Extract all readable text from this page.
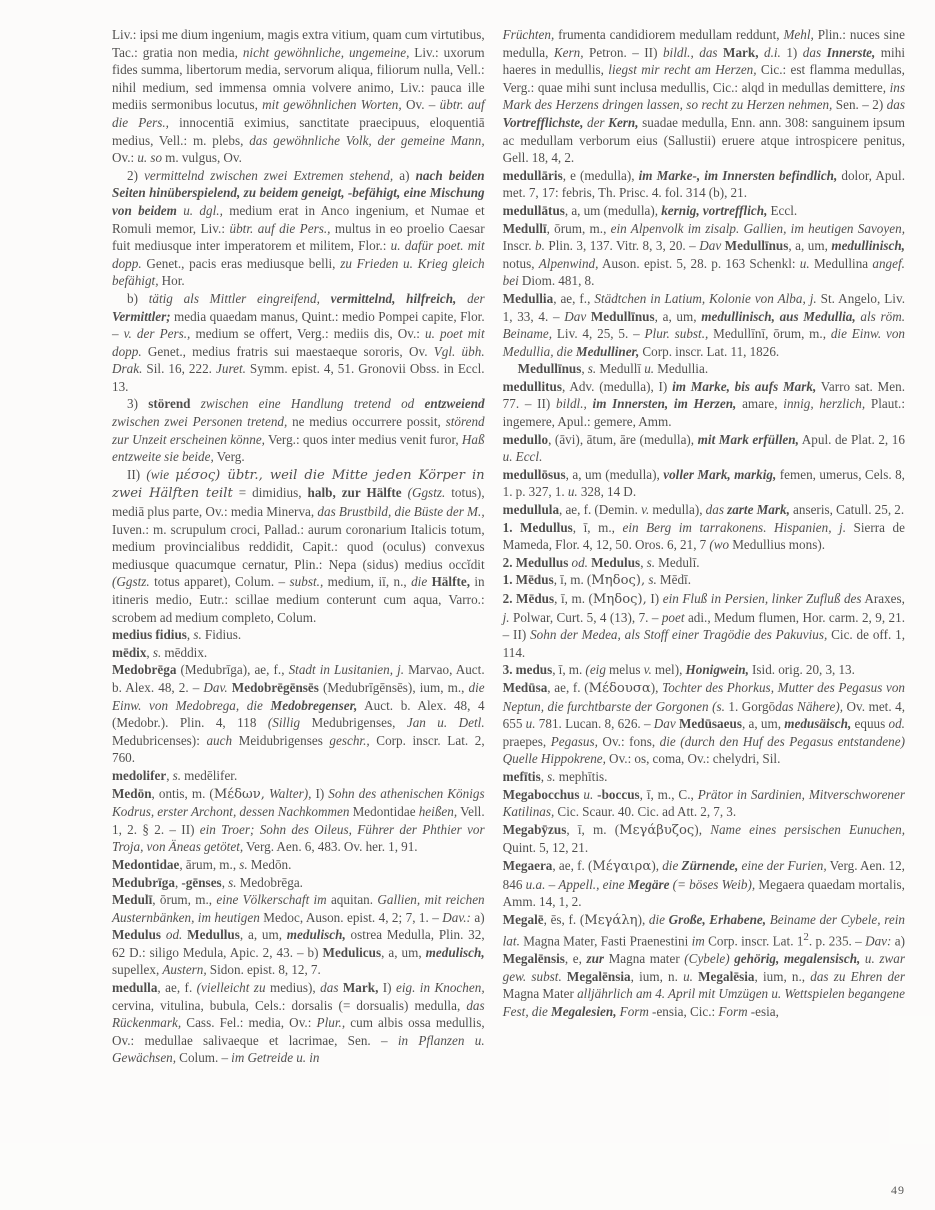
Liv.: ipsi me dium ingenium, magis extra vitium, quam cum virtutibus, Tac.: gratia non media, nicht gewöhnliche, ungemeine, Liv.: uxorum fides summa, libertorum media, servorum aliqua, filiorum nulla, Vell.: nihil medium, sed immensa omnia volvere animo, Liv.: pauca ille mediis sermonibus locutus, mit gewöhnlichen Worten, Ov. – übtr. auf die Pers., innocentiā eximius, sanctitate praecipuus, eloquentiā medius, Vell.: m. plebs, das gewöhnliche Volk, der gemeine Mann, Ov.: u. so m. vulgus, Ov.

2) vermittelnd zwischen zwei Extremen stehend, a) nach beiden Seiten hinüberspielend, zu beidem geneigt, -befähigt, eine Mischung von beidem u. dgl., medium erat in Anco ingenium, et Numae et Romuli memor, Liv.: übtr. auf die Pers., multus in eo proelio Caesar fuit mediusque inter imperatorem et militem, Flor.: u. dafür poet. mit dopp. Genet., pacis eras mediusque belli, zu Frieden u. Krieg gleich befähigt, Hor.

b) tätig als Mittler eingreifend, vermittelnd, hilfreich, der Vermittler; media quaedam manus, Quint.: medio Pompei capite, Flor. – v. der Pers., medium se offert, Verg.: mediis dis, Ov.: u. poet mit dopp. Genet., medius fratris sui maestaeque sororis, Ov. Vgl. übh. Drak. Sil. 16, 222. Juret. Symm. epist. 4, 51. Gronovii Obss. in Eccl. 13.

3) störend zwischen eine Handlung tretend od entzweiend zwischen zwei Personen tretend, ne medius occurrere possit, störend zur Unzeit erscheinen könne, Verg.: quos inter medius venit furor, Haß entzweite sie beide, Verg.

II) (wie μέσος) übtr., weil die Mitte jeden Körper in zwei Hälften teilt = dimidius, halb, zur Hälfte (Ggstz. totus), mediā plus parte, Ov.: media Minerva, das Brustbild, die Büste der M., Iuven.: m. scrupulum croci, Pallad.: aurum coronarium Italicis totum, medium provincialibus reddidit, Capit.: quod (oculus) convexus mediusque quacumque cernatur, Plin.: Nepa (sidus) medius occĭdit (Ggstz. totus apparet), Colum. – subst., medium, iī, n., die Hälfte, in itineris medio, Eutr.: scillae medium conterunt cum aqua, Varro.: scrobem ad medium completo, Colum.

medius fidius, s. Fidius.

mēdix, s. mēddix.

Medobrēga (Medubrīga), ae, f., Stadt in Lusitanien, j. Marvao, Auct. b. Alex. 48, 2. – Dav. Medobrēgēnsēs (Medubrīgēnsēs), ium, m., die Einw. von Medobrega, die Medobregenser, Auct. b. Alex. 48, 4 (Medobr.). Plin. 4, 118 (Sillig Medubrigenses, Jan u. Detl. Medubricenses): auch Meidubrigenses geschr., Corp. inscr. Lat. 2, 760.

medolifer, s. medēlifer.

Medōn, ontis, m. (Μέδων, Walter), I) Sohn des athenischen Königs Kodrus, erster Archont, dessen Nachkommen Medontidae heißen, Vell. 1, 2. § 2. – II) ein Troer; Sohn des Oileus, Führer der Phthier vor Troja, von Äneas getötet, Verg. Aen. 6, 483. Ov. her. 1, 91.

Medontidae, ārum, m., s. Medōn.

Medubrīga, -gēnses, s. Medobrēga.

Medulī, ōrum, m., eine Völkerschaft im aquitan. Gallien, mit reichen Austernbänken, im heutigen Medoc, Auson. epist. 4, 2; 7, 1. – Dav.: a) Medulus od. Medullus, a, um, medulisch, ostrea Medulla, Plin. 32, 62 D.: siligo Medula, Apic. 2, 43. – b) Medulicus, a, um, medulisch, supellex, Austern, Sidon. epist. 8, 12, 7.

medulla, ae, f. (vielleicht zu medius), das Mark, I) eig. in Knochen, cervina, vitulina, bubula, Cels.: dorsalis (= dorsualis) medulla, das Rückenmark, Cass. Fel.: media, Ov.: Plur., cum albis ossa medullis, Ov.: medullae salivaeque et lacrimae, Sen. – in Pflanzen u. Gewächsen, Colum. – im Getreide u. in

Früchten, frumenta candidiorem medullam reddunt, Mehl, Plin.: nuces sine medulla, Kern, Petron. – II) bildl., das Mark, d.i. 1) das Innerste, mihi haeres in medullis, liegst mir recht am Herzen, Cic.: est flamma medullas, Verg.: quae mihi sunt inclusa medullis, Cic.: alqd in medullas demittere, ins Mark des Herzens dringen lassen, so recht zu Herzen nehmen, Sen. – 2) das Vortrefflichste, der Kern, suadae medulla, Enn. ann. 308: sanguinem ipsum ac medullam verborum eius (Sallustii) eruere atque introspicere penitus, Gell. 18, 4, 2.

medullāris, e (medulla), im Marke-, im Innersten befindlich, dolor, Apul. met. 7, 17: febris, Th. Prisc. 4. fol. 314 (b), 21.

medullātus, a, um (medulla), kernig, vortrefflich, Eccl.

Medullī, ōrum, m., ein Alpenvolk im zisalp. Gallien, im heutigen Savoyen, Inscr. b. Plin. 3, 137. Vitr. 8, 3, 20. – Dav Medullīnus, a, um, medullinisch, notus, Alpenwind, Auson. epist. 5, 28. p. 163 Schenkl: u. Medullina angef. bei Diom. 481, 8.

Medullia, ae, f., Städtchen in Latium, Kolonie von Alba, j. St. Angelo, Liv. 1, 33, 4. – Dav Medullīnus, a, um, medullinisch, aus Medullia, als röm. Beiname, Liv. 4, 25, 5. – Plur. subst., Medullīnī, ōrum, m., die Einw. von Medullia, die Medulliner, Corp. inscr. Lat. 11, 1826.

Medullīnus, s. Medullī u. Medullia.

medullitus, Adv. (medulla), I) im Marke, bis aufs Mark, Varro sat. Men. 77. – II) bildl., im Innersten, im Herzen, amare, innig, herzlich, Plaut.: ingemere, Apul.: gemere, Amm.

medullo, (āvi), ātum, āre (medulla), mit Mark erfüllen, Apul. de Plat. 2, 16 u. Eccl.

medullōsus, a, um (medulla), voller Mark, markig, femen, umerus, Cels. 8, 1. p. 327, 1. u. 328, 14 D.

medullula, ae, f. (Demin. v. medulla), das zarte Mark, anseris, Catull. 25, 2.

1. Medullus, ī, m., ein Berg im tarrakonens. Hispanien, j. Sierra de Mameda, Flor. 4, 12, 50. Oros. 6, 21, 7 (wo Medullius mons).

2. Medullus od. Medulus, s. Medulī.

1. Mēdus, ī, m. (Μηδος), s. Mēdī.

2. Mēdus, ī, m. (Μηδος), I) ein Fluß in Persien, linker Zufluß des Araxes, j. Polwar, Curt. 5, 4 (13), 7. – poet adi., Medum flumen, Hor. carm. 2, 9, 21. – II) Sohn der Medea, als Stoff einer Tragödie des Pakuvius, Cic. de off. 1, 114.

3. medus, ī, m. (eig melus v. mel), Honigwein, Isid. orig. 20, 3, 13.

Medūsa, ae, f. (Μέδουσα), Tochter des Phorkus, Mutter des Pegasus von Neptun, die furchtbarste der Gorgonen (s. 1. Gorgōdas Nähere), Ov. met. 4, 655 u. 781. Lucan. 8, 626. – Dav Medūsaeus, a, um, medusäisch, equus od. praepes, Pegasus, Ov.: fons, die (durch den Huf des Pegasus entstandene) Quelle Hippokrene, Ov.: os, coma, Ov.: chelydri, Sil.

mefītis, s. mephītis.

Megabocchus u. -boccus, ī, m., C., Prätor in Sardinien, Mitverschworener Katilinas, Cic. Scaur. 40. Cic. ad Att. 2, 7, 3.

Megabȳzus, ī, m. (Μεγάβυζος), Name eines persischen Eunuchen, Quint. 5, 12, 21.

Megaera, ae, f. (Μέγαιρα), die Zürnende, eine der Furien, Verg. Aen. 12, 846 u.a. – Appell., eine Megäre (= böses Weib), Megaera quaedam mortalis, Amm. 14, 1, 2.

Megalē, ēs, f. (Μεγάλη), die Große, Erhabene, Beiname der Cybele, rein lat. Magna Mater, Fasti Praenestini im Corp. inscr. Lat. $1^2$. p. 235. – Dav: a) Megalēnsis, e, zur Magna mater (Cybele) gehörig, megalensisch, u. zwar gew. subst. Megalēnsia, ium, n. u. Megalēsia, ium, n., das zu Ehren der Magna Mater alljährlich am 4. April mit Umzügen u. Wettspielen begangene Fest, die Megalesien, Form -ensia, Cic.: Form -esia,

49
